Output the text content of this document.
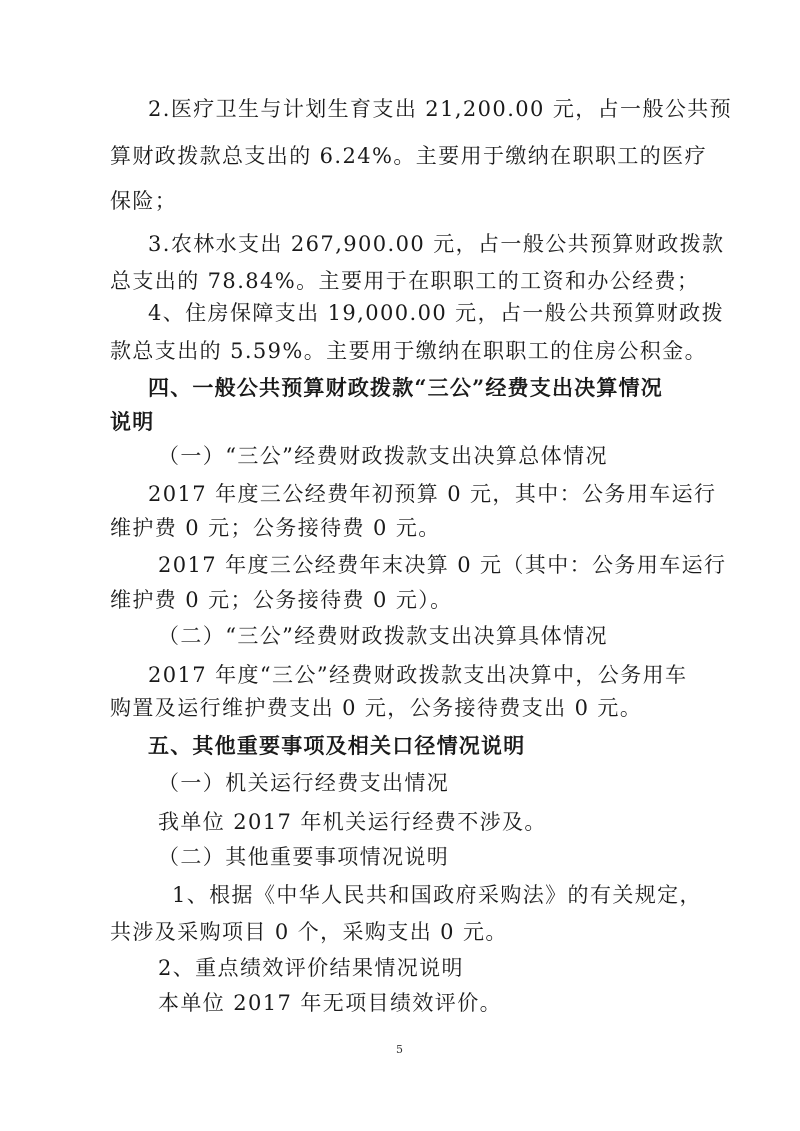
2.医疗卫生与计划生育支出 21,200.00 元，占一般公共预
算财政拨款总支出的 6.24%。主要用于缴纳在职职工的医疗
保险；
3.农林水支出 267,900.00 元，占一般公共预算财政拨款
总支出的 78.84%。主要用于在职职工的工资和办公经费；
4、住房保障支出 19,000.00 元，占一般公共预算财政拨
款总支出的 5.59%。主要用于缴纳在职职工的住房公积金。
四、一般公共预算财政拨款“三公”经费支出决算情况
说明
（一）“三公”经费财政拨款支出决算总体情况
2017 年度三公经费年初预算 0 元，其中：公务用车运行
维护费 0 元；公务接待费 0 元。
2017 年度三公经费年末决算 0 元（其中：公务用车运行
维护费 0 元；公务接待费 0 元）。
（二）“三公”经费财政拨款支出决算具体情况
2017 年度“三公”经费财政拨款支出决算中，公务用车
购置及运行维护费支出 0 元，公务接待费支出 0 元。
五、其他重要事项及相关口径情况说明
（一）机关运行经费支出情况
我单位 2017 年机关运行经费不涉及。
（二）其他重要事项情况说明
1、根据《中华人民共和国政府采购法》的有关规定，
共涉及采购项目 0 个，采购支出 0 元。
2、重点绩效评价结果情况说明
本单位 2017 年无项目绩效评价。
5
